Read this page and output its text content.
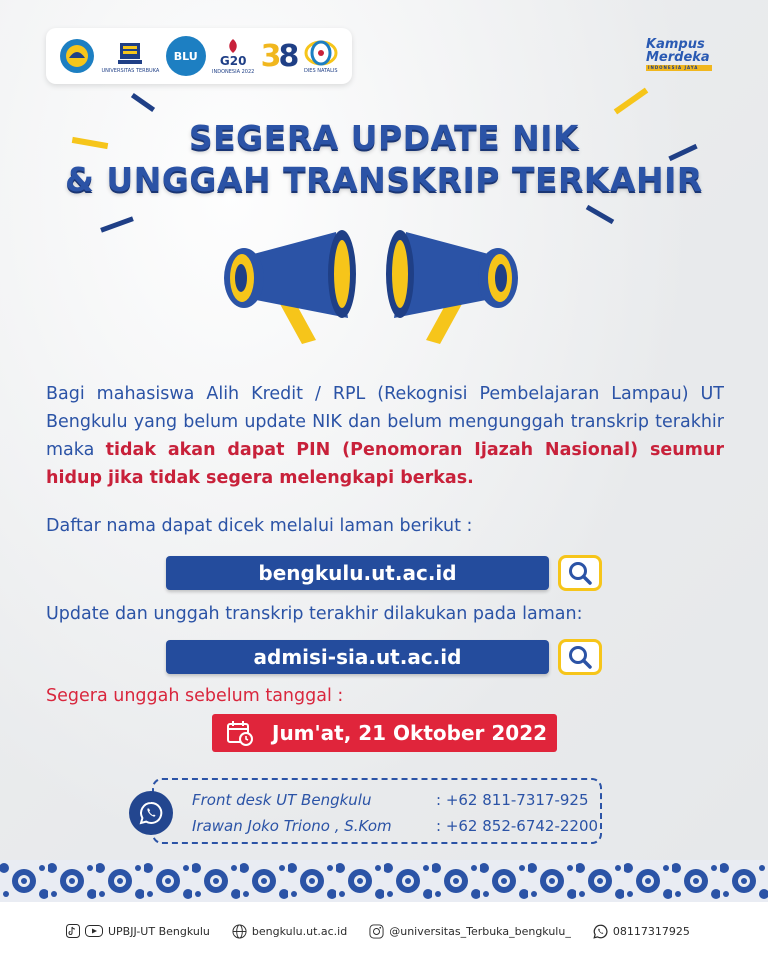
UNIVERSITAS TERBUKA
BLU	G20
INDONESIA 2022 38 DIES NATALIS
Kampus
Merdeka
INDONESIA JAYA
SEGERA UPDATE NIK
& UNGGAH TRANSKRIP TERKAHIR
Bagi mahasiswa Alih Kredit / RPL (Rekognisi Pembelajaran Lampau) UT Bengkulu yang belum update NIK dan belum mengunggah transkrip terakhir maka tidak akan dapat PIN (Penomoran Ijazah Nasional) seumur hidup jika tidak segera melengkapi berkas.
Daftar nama dapat dicek melalui laman berikut :
bengkulu.ut.ac.id
Update dan unggah transkrip terakhir dilakukan pada laman:
admisi-sia.ut.ac.id
Segera unggah sebelum tanggal :
Jum'at, 21 Oktober 2022
Front desk UT Bengkulu	: +62 811-7317-925
Irawan Joko Triono , S.Kom	: +62 852-6742-2200
UPBJJ-UT Bengkulu	bengkulu.ut.ac.id	@universitas_Terbuka_bengkulu_	08117317925
